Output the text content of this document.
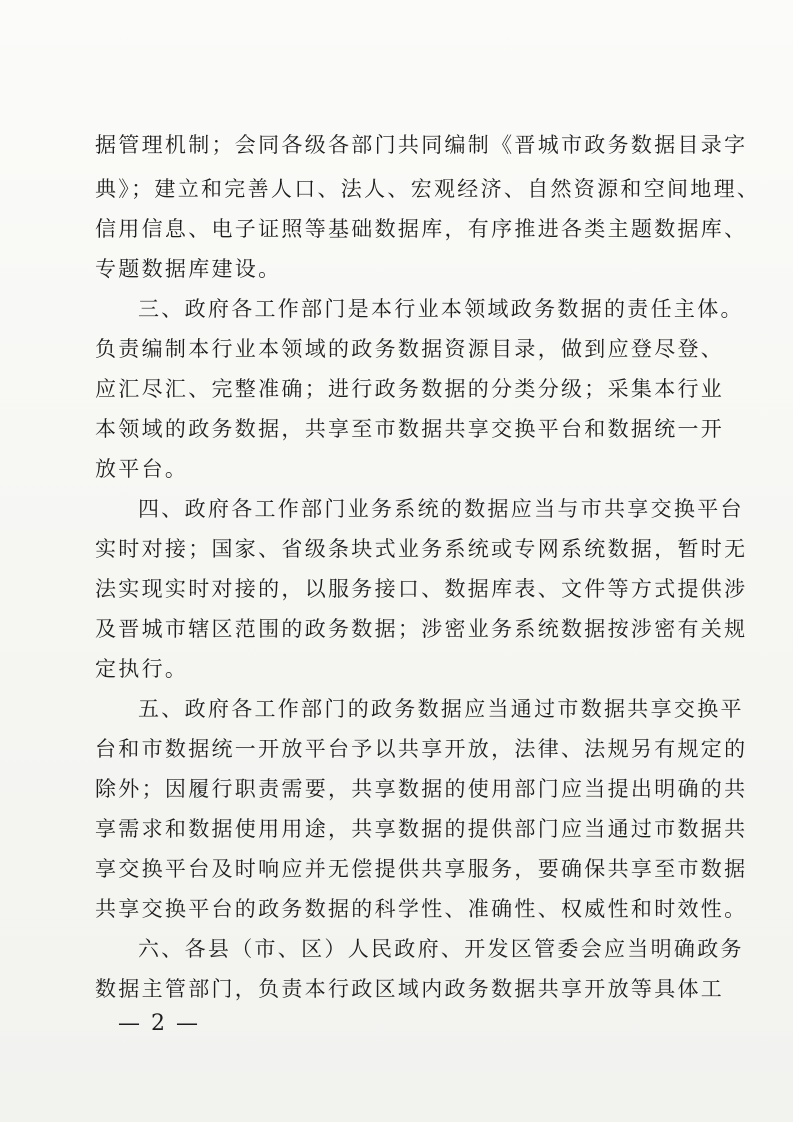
据管理机制；会同各级各部门共同编制《晋城市政务数据目录字
典》；建立和完善人口、法人、宏观经济、自然资源和空间地理、
信用信息、电子证照等基础数据库，有序推进各类主题数据库、
专题数据库建设。
三、政府各工作部门是本行业本领域政务数据的责任主体。
负责编制本行业本领域的政务数据资源目录，做到应登尽登、
应汇尽汇、完整准确；进行政务数据的分类分级；采集本行业
本领域的政务数据，共享至市数据共享交换平台和数据统一开
放平台。
四、政府各工作部门业务系统的数据应当与市共享交换平台
实时对接；国家、省级条块式业务系统或专网系统数据，暂时无
法实现实时对接的，以服务接口、数据库表、文件等方式提供涉
及晋城市辖区范围的政务数据；涉密业务系统数据按涉密有关规
定执行。
五、政府各工作部门的政务数据应当通过市数据共享交换平
台和市数据统一开放平台予以共享开放，法律、法规另有规定的
除外；因履行职责需要，共享数据的使用部门应当提出明确的共
享需求和数据使用用途，共享数据的提供部门应当通过市数据共
享交换平台及时响应并无偿提供共享服务，要确保共享至市数据
共享交换平台的政务数据的科学性、准确性、权威性和时效性。
六、各县（市、区）人民政府、开发区管委会应当明确政务
数据主管部门，负责本行政区域内政务数据共享开放等具体工
— 2 —
